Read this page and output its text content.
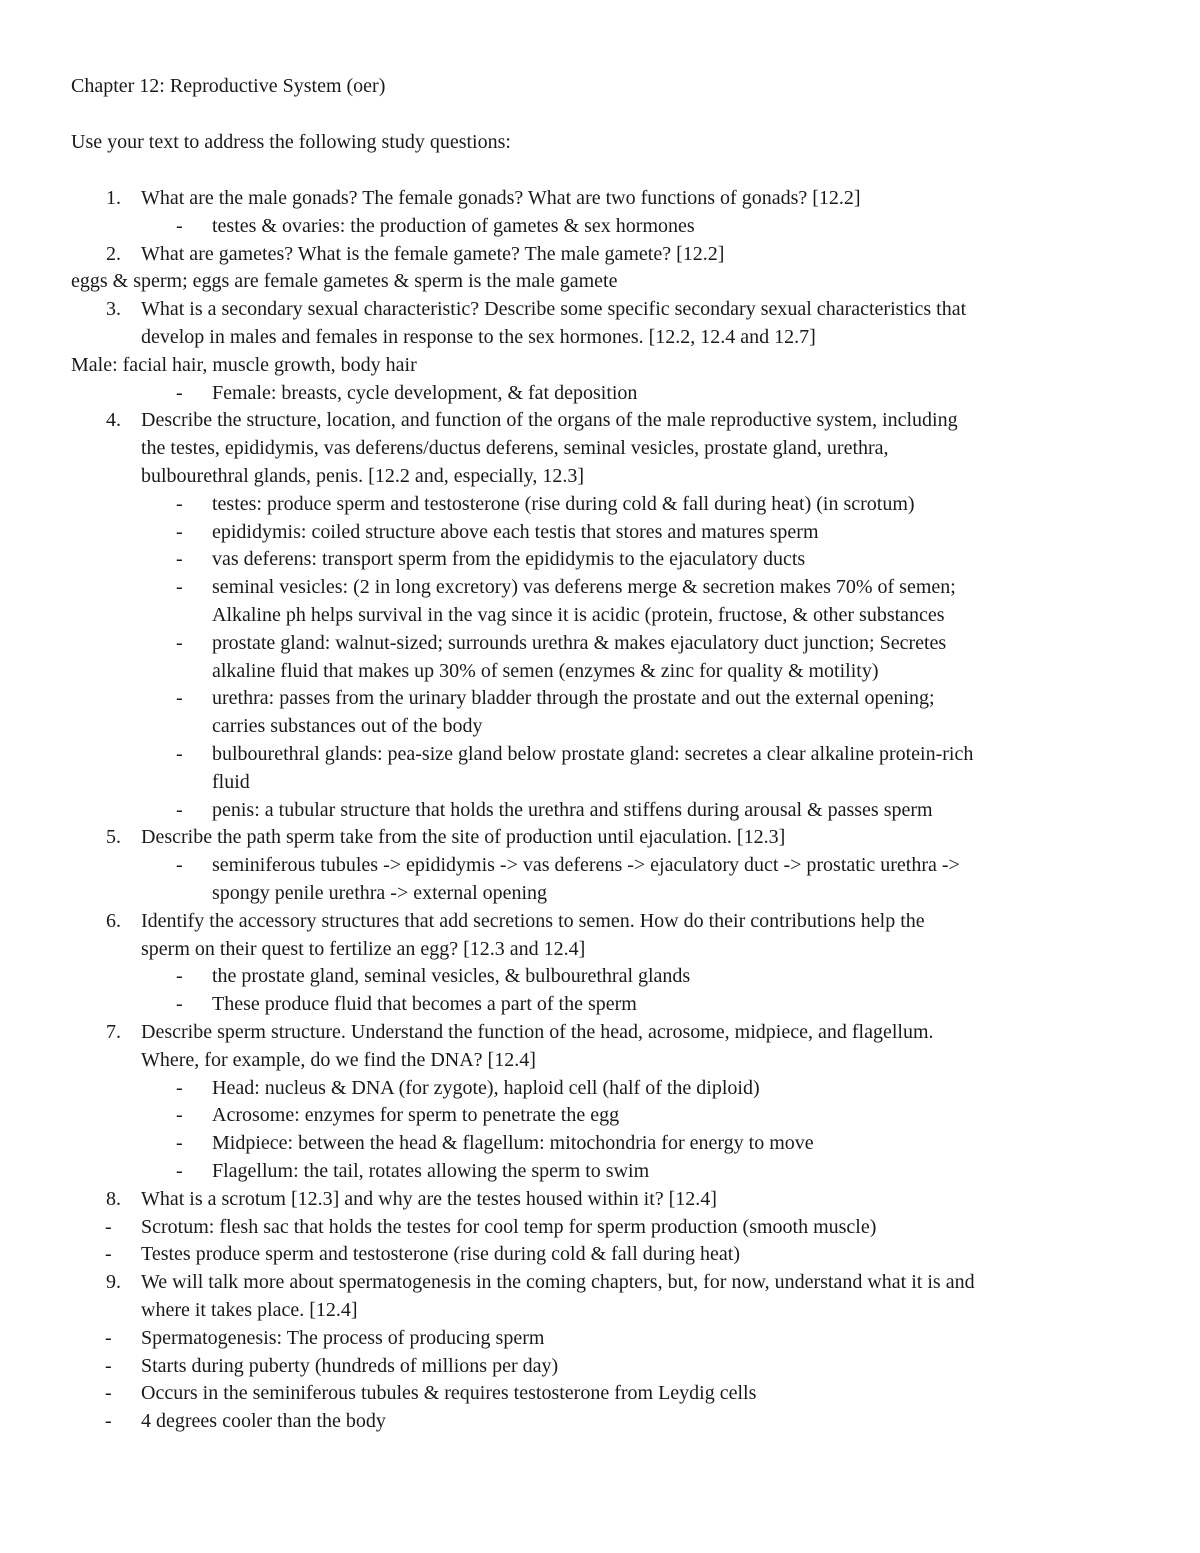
Chapter 12: Reproductive System (oer)
Use your text to address the following study questions:
1. What are the male gonads? The female gonads? What are two functions of gonads? [12.2]
- testes & ovaries: the production of gametes & sex hormones
2. What are gametes? What is the female gamete? The male gamete? [12.2]
eggs & sperm; eggs are female gametes & sperm is the male gamete
3. What is a secondary sexual characteristic? Describe some specific secondary sexual characteristics that
develop in males and females in response to the sex hormones. [12.2, 12.4 and 12.7]
Male: facial hair, muscle growth, body hair
- Female: breasts, cycle development, & fat deposition
4. Describe the structure, location, and function of the organs of the male reproductive system, including
the testes, epididymis, vas deferens/ductus deferens, seminal vesicles, prostate gland, urethra,
bulbourethral glands, penis. [12.2 and, especially, 12.3]
- testes: produce sperm and testosterone (rise during cold & fall during heat) (in scrotum)
- epididymis: coiled structure above each testis that stores and matures sperm
- vas deferens: transport sperm from the epididymis to the ejaculatory ducts
- seminal vesicles: (2 in long excretory) vas deferens merge & secretion makes 70% of semen;
Alkaline ph helps survival in the vag since it is acidic (protein, fructose, & other substances
- prostate gland: walnut-sized; surrounds urethra & makes ejaculatory duct junction; Secretes
alkaline fluid that makes up 30% of semen (enzymes & zinc for quality & motility)
- urethra: passes from the urinary bladder through the prostate and out the external opening;
carries substances out of the body
- bulbourethral glands: pea-size gland below prostate gland: secretes a clear alkaline protein-rich
fluid
- penis: a tubular structure that holds the urethra and stiffens during arousal & passes sperm
5. Describe the path sperm take from the site of production until ejaculation. [12.3]
- seminiferous tubules -> epididymis -> vas deferens -> ejaculatory duct -> prostatic urethra ->
spongy penile urethra -> external opening
6. Identify the accessory structures that add secretions to semen. How do their contributions help the
sperm on their quest to fertilize an egg? [12.3 and 12.4]
- the prostate gland, seminal vesicles, & bulbourethral glands
- These produce fluid that becomes a part of the sperm
7. Describe sperm structure. Understand the function of the head, acrosome, midpiece, and flagellum.
Where, for example, do we find the DNA? [12.4]
- Head: nucleus & DNA (for zygote), haploid cell (half of the diploid)
- Acrosome: enzymes for sperm to penetrate the egg
- Midpiece: between the head & flagellum: mitochondria for energy to move
- Flagellum: the tail, rotates allowing the sperm to swim
8. What is a scrotum [12.3] and why are the testes housed within it? [12.4]
- Scrotum: flesh sac that holds the testes for cool temp for sperm production (smooth muscle)
- Testes produce sperm and testosterone (rise during cold & fall during heat)
9. We will talk more about spermatogenesis in the coming chapters, but, for now, understand what it is and
where it takes place. [12.4]
- Spermatogenesis: The process of producing sperm
- Starts during puberty (hundreds of millions per day)
- Occurs in the seminiferous tubules & requires testosterone from Leydig cells
- 4 degrees cooler than the body
